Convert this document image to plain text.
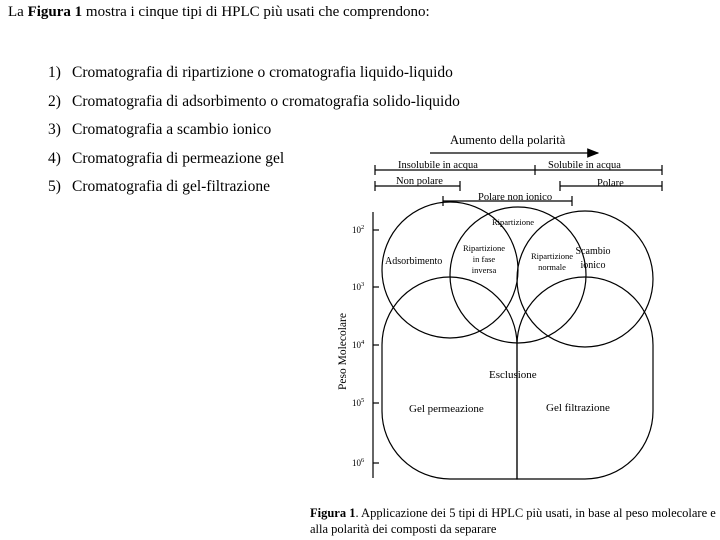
La Figura 1 mostra i cinque tipi di HPLC più usati che comprendono:
1) Cromatografia di ripartizione o cromatografia liquido-liquido
2) Cromatografia di adsorbimento o cromatografia solido-liquido
3) Cromatografia a scambio ionico
4) Cromatografia di permeazione gel
5) Cromatografia di gel-filtrazione
Aumento della polarità
Insolubile in acqua	Solubile in acqua
Non polare	Polare
Polare non ionico
$10^2$
$10^3$
$10^4$
$10^5$
$10^6$
Peso Molecolare
Adsorbimento
Ripartizione
Scambio
ionico
Ripartizione
in fase
inversa
Ripartizione
normale
Esclusione
Gel permeazione	Gel filtrazione
Figura 1. Applicazione dei 5 tipi di HPLC più usati, in base al peso molecolare e alla polarità dei composti da separare
